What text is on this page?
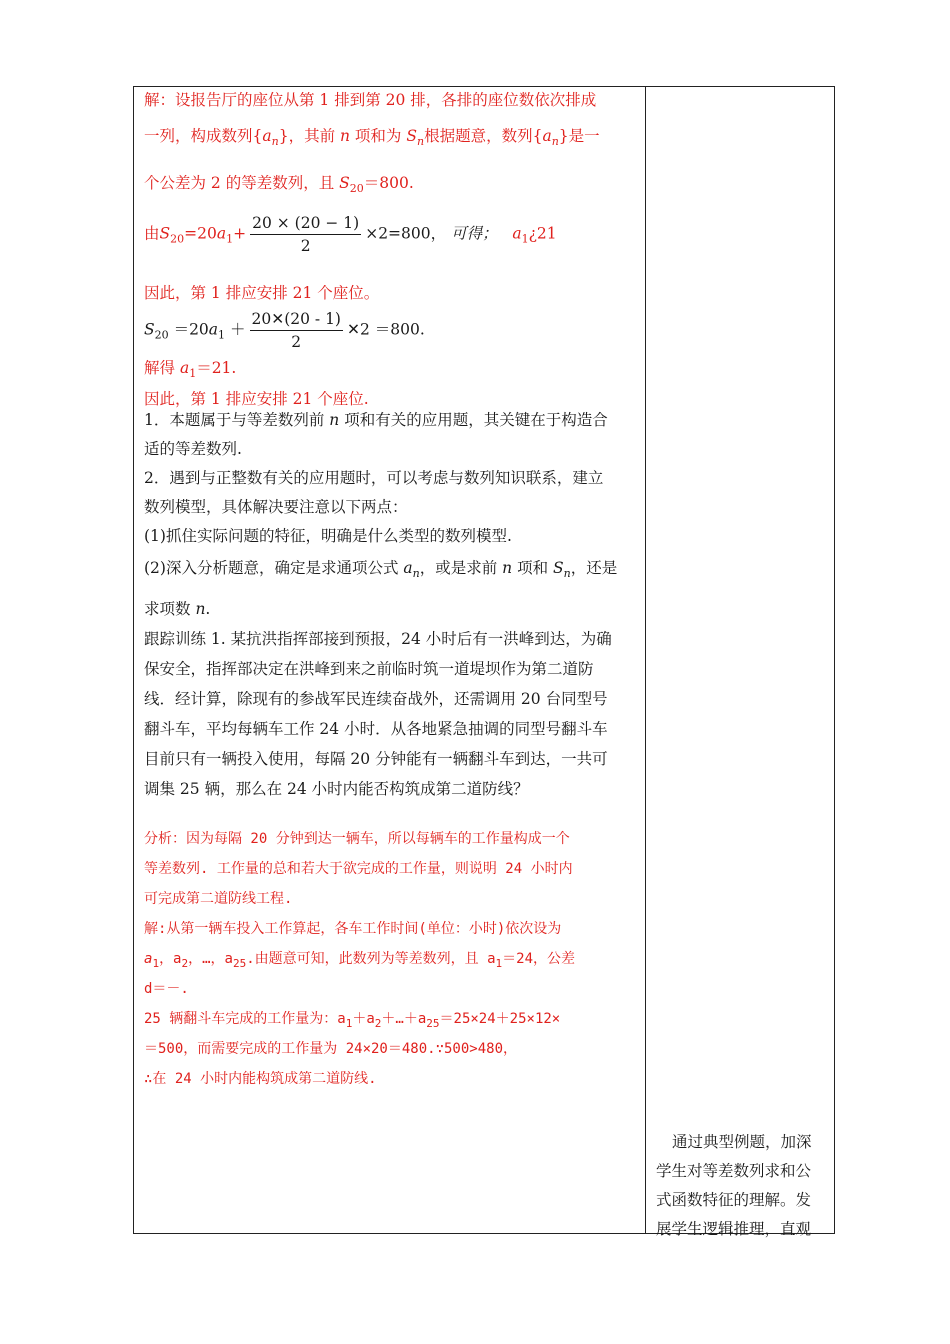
解：设报告厅的座位从第 1 排到第 20 排，各排的座位数依次排成
一列，构成数列$\{a_n\}$，其前 n 项和为 $S_n$根据题意，数列$\{a_n\}$是一
个公差为 2 的等差数列，且 $S_{20}=800$.
由$S_{20}=20a_1+ \frac{20 \times (20 - 1)}{2} \times 2=800$， 可得； $a_1¿21$
因此，第 1 排应安排 21 个座位。
$S_{20} =20a_1 + \frac{20✕(20 - 1)}{2}$ ✕2 ＝800.
解得 $a_1=21$.
因此，第 1 排应安排 21 个座位.
1．本题属于与等差数列前 n 项和有关的应用题，其关键在于构造合
适的等差数列.
2．遇到与正整数有关的应用题时，可以考虑与数列知识联系，建立
数列模型，具体解决要注意以下两点：
(1)抓住实际问题的特征，明确是什么类型的数列模型.
(2)深入分析题意，确定是求通项公式 $a_n$，或是求前 n 项和 $S_n$，还是
求项数 n.
跟踪训练 1. 某抗洪指挥部接到预报，24 小时后有一洪峰到达，为确
保安全，指挥部决定在洪峰到来之前临时筑一道堤坝作为第二道防
线．经计算，除现有的参战军民连续奋战外，还需调用 20 台同型号
翻斗车，平均每辆车工作 24 小时．从各地紧急抽调的同型号翻斗车
目前只有一辆投入使用，每隔 20 分钟能有一辆翻斗车到达，一共可
调集 25 辆，那么在 24 小时内能否构筑成第二道防线？
分析：因为每隔 20 分钟到达一辆车，所以每辆车的工作量构成一个
等差数列. 工作量的总和若大于欲完成的工作量，则说明 24 小时内
可完成第二道防线工程.
解:从第一辆车投入工作算起，各车工作时间(单位：小时)依次设为
$a_1$，$a_2$，…，$a_{25}$.由题意可知，此数列为等差数列，且 $a_1=24$，公差
d＝－.
25 辆翻斗车完成的工作量为：$a_1+a_2+\dots+a_{25}=25\times 24+25\times 12\times$
＝500，而需要完成的工作量为 24×20＝480.∵500>480，
∴在 24 小时内能构筑成第二道防线.
通过典型例题，加深
学生对等差数列求和公
式函数特征的理解。发
展学生逻辑推理，直观
